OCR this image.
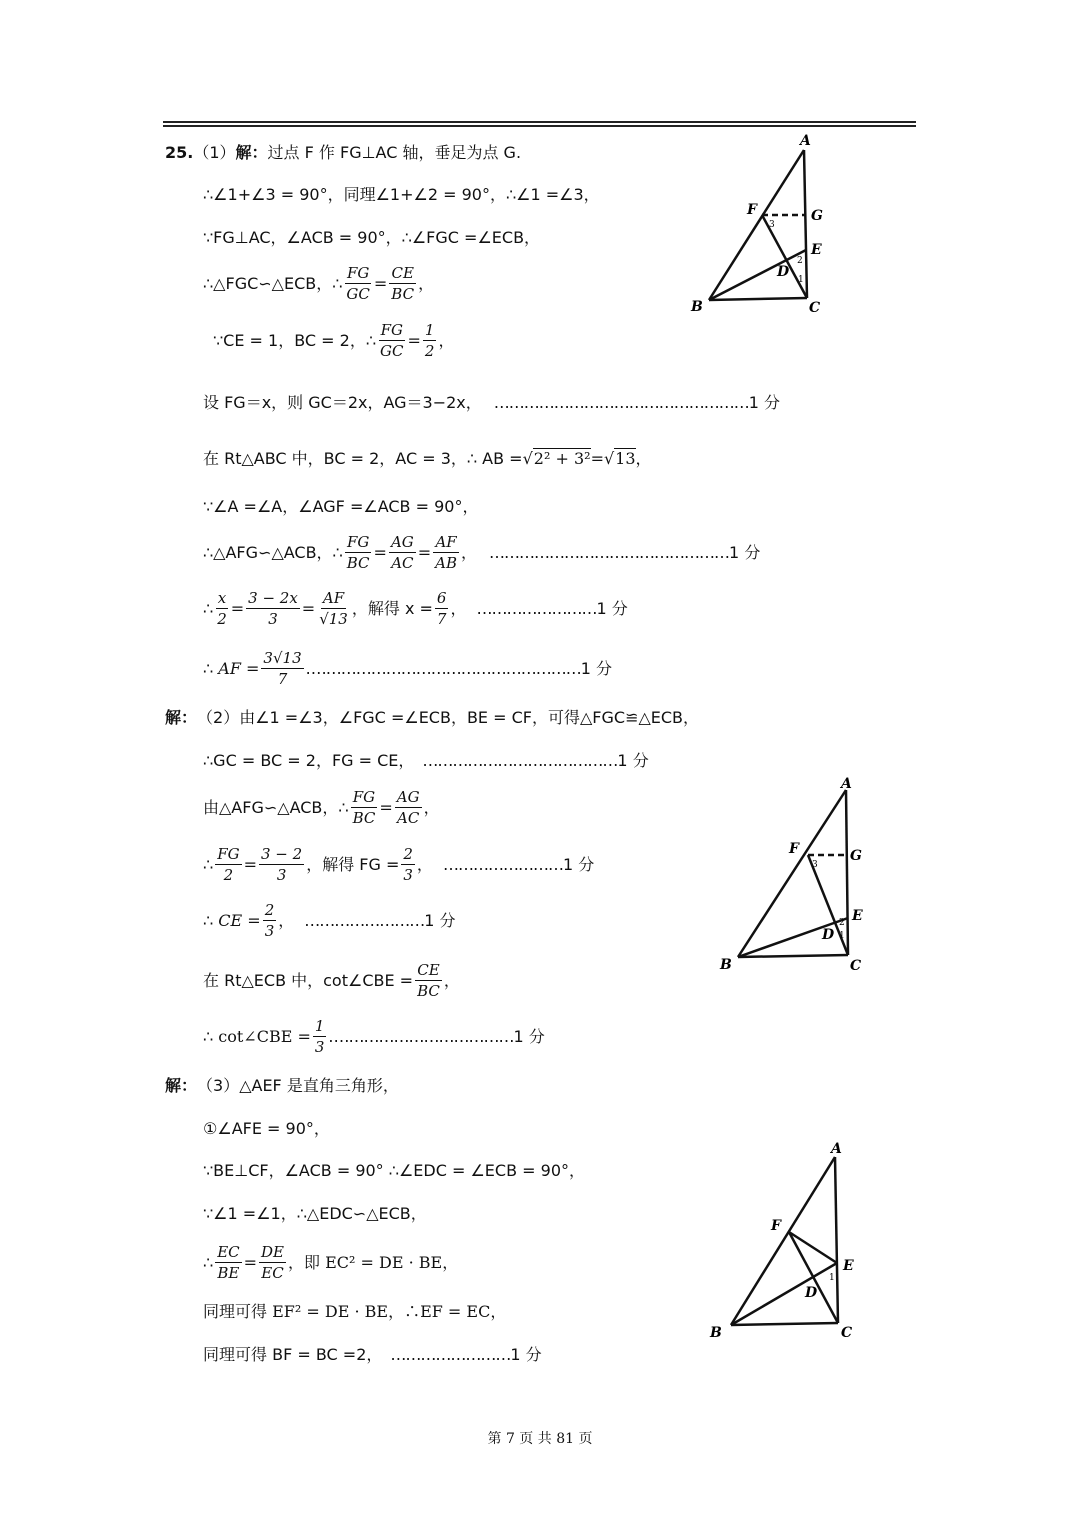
25. （1） 解： 过点 F 作 FG⊥AC 轴，垂足为点 G.
∴∠1+∠3 = 90°，同理∠1+∠2 = 90°，∴∠1 =∠3，
∵FG⊥AC，∠ACB = 90°，∴∠FGC =∠ECB，
∴△FGC∽△ECB，∴ $\frac{FG}{GC} = \frac{CE}{BC}$ ，
∵CE = 1，BC = 2，∴ $\frac{FG}{GC} = \frac{1}{2}$ ，
设 FG＝x，则 GC＝2x，AG＝3−2x， …………………………………………… 1 分
在 Rt△ABC 中，BC = 2，AC = 3，∴ AB = √ 2² + 3² = √ 13 ，
∵∠A =∠A，∠AGF =∠ACB = 90°，
∴△AFG∽△ACB，∴ $\frac{FG}{BC} = \frac{AG}{AC} = \frac{AF}{AB}$ ， ………………………………………… 1 分
∴ $\frac{x}{2} = \frac{3 - 2x}{3} = \frac{AF}{√13}$ ，解得 $x = \frac{6}{7}$ ， …………………… 1 分
∴ AF = $\frac{3√13}{7}$ . ……………………………………………… 1 分
A
F	G
E
D
B	C
2
1
3
解： （2）由∠1 =∠3，∠FGC =∠ECB，BE = CF，可得△FGC≌△ECB，
∴GC = BC = 2，FG = CE， ………………………………… 1 分
由△AFG∽△ACB，∴ $\frac{FG}{BC} = \frac{AG}{AC}$ ，
∴ $\frac{FG}{2} = \frac{3 - 2}{3}$ ，解得 FG = $\frac{2}{3}$ ， …………………… 1 分
∴ CE = $\frac{2}{3}$ ， …………………… 1 分
在 Rt△ECB 中，cot∠CBE = $\frac{CE}{BC}$ ，
∴ cot∠CBE = $\frac{1}{3}$ . ……………………………… 1 分
A
F	G
E
D
B	C
2
1
3
解： （3）△AEF 是直角三角形，
①∠AFE = 90°，
∵BE⊥CF，∠ACB = 90° ∴∠EDC = ∠ECB = 90°，
∵∠1 =∠1，∴△EDC∽△ECB，
∴ $\frac{EC}{BE} = \frac{DE}{EC}$ ，即 EC² = DE · BE，
同理可得 EF² = DE · BE，∴EF = EC，
同理可得 BF = BC =2， …………………… 1 分
A
F
E
D
B	C
1
第 7 页 共 81 页
